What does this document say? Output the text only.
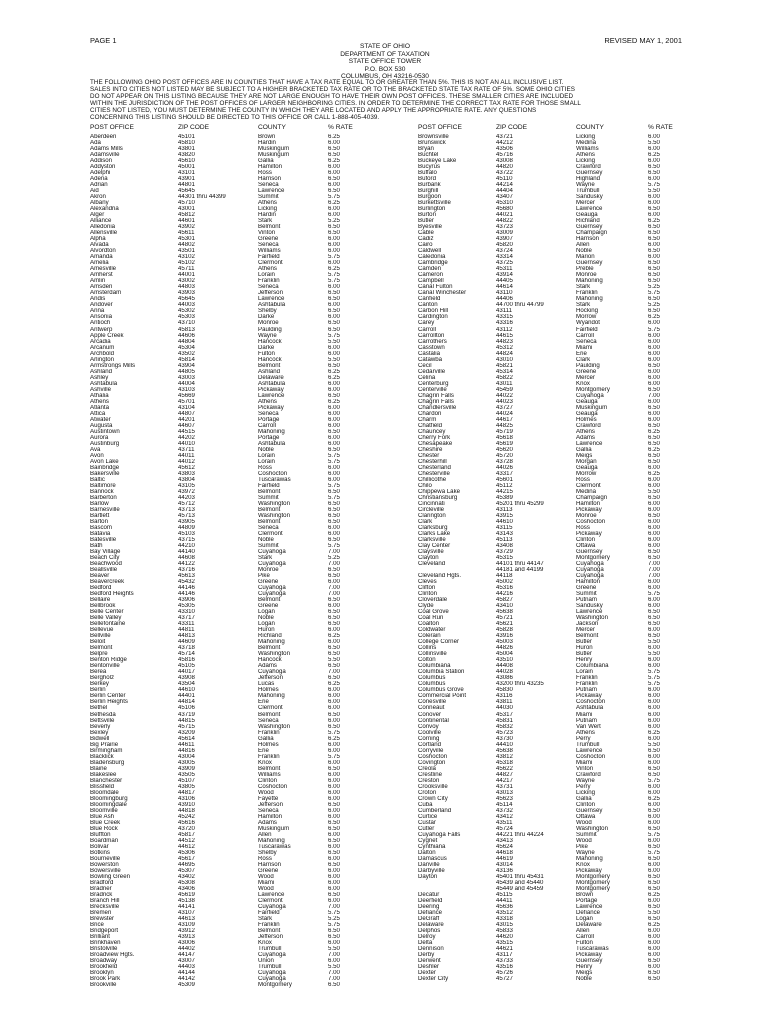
PAGE 1	REVISED MAY 1, 2001
STATE OF OHIO
DEPARTMENT OF TAXATION
STATE OFFICE TOWER
P.O. BOX 530
COLUMBUS, OH 43216-0530
THE FOLLOWING OHIO POST OFFICES ARE IN COUNTIES THAT HAVE A TAX RATE EQUAL TO OR GREATER THAN 5%. THIS IS NOT AN ALL INCLUSIVE LIST.
SALES INTO CITIES NOT LISTED MAY BE SUBJECT TO A HIGHER BRACKETED TAX RATE OR TO THE BRACKETED STATE TAX RATE OF 5%. SOME OHIO CITIES
DO NOT APPEAR ON THIS LISTING BECAUSE THEY ARE NOT LARGE ENOUGH TO HAVE THEIR OWN POST OFFICES. THESE SMALLER CITIES ARE INCLUDED
WITHIN THE JURISDICTION OF THE POST OFFICES OF LARGER NEIGHBORING CITIES. IN ORDER TO DETERMINE THE CORRECT TAX RATE FOR THOSE SMALL
CITIES NOT LISTED, YOU MUST DETERMINE THE COUNTY IN WHICH THEY ARE LOCATED AND APPLY THE APPROPRIATE RATE. ANY QUESTIONS
CONCERNING THIS LISTING SHOULD BE DIRECTED TO THIS OFFICE OR CALL 1-888-405-4039.
POST OFFICE	ZIP CODE	COUNTY	% RATE	POST OFFICE	ZIP CODE	COUNTY	% RATE
Aberdeen	45101	Brown	6.25
Ada	45810	Hardin	6.00
Adams Mills	43801	Muskingum	6.50
Adamsville	43820	Muskingum	6.50
Addison	45610	Gallia	6.25
Addyston	45001	Hamilton	6.00
Adelphi	43101	Ross	6.00
Adena	43901	Harrison	6.50
Adrian	44801	Seneca	6.00
Aid	45645	Lawrence	6.50
Akron	44301 thru 44399	Summit	5.75
Albany	45710	Athens	6.25
Alexandria	43001	Licking	6.00
Alger	45812	Hardin	6.00
Alliance	44601	Stark	5.25
Alledonia	43902	Belmont	6.50
Allensville	45611	Vinton	6.50
Alpha	45301	Greene	6.00
Alvada	44802	Seneca	6.00
Alvordton	43501	Williams	6.00
Amanda	43102	Fairfield	5.75
Amelia	45102	Clermont	6.00
Amesville	45711	Athens	6.25
Amherst	44001	Lorain	5.75
Amlin	43002	Franklin	5.75
Amsden	44803	Seneca	6.00
Amsterdam	43903	Jefferson	6.50
Andis	45645	Lawrence	6.50
Andover	44003	Ashtabula	6.00
Anna	45302	Shelby	6.50
Ansonia	45303	Darke	6.00
Antioch	43710	Monroe	6.50
Antwerp	45813	Paulding	6.50
Apple Creek	44606	Wayne	5.75
Arcadia	44804	Hancock	5.50
Arcanum	45304	Darke	6.00
Archbold	43502	Fulton	6.00
Arlington	45814	Hancock	5.50
Armstrongs Mills	43904	Belmont	6.50
Ashland	44805	Ashland	6.25
Ashley	43003	Delaware	6.25
Ashtabula	44004	Ashtabula	6.00
Ashville	43103	Pickaway	6.00
Athalia	45669	Lawrence	6.50
Athens	45701	Athens	6.25
Atlanta	43104	Pickaway	6.00
Attica	44807	Seneca	6.00
Atwater	44201	Portage	6.00
Augusta	44607	Carroll	6.00
Austintown	44515	Mahoning	6.50
Aurora	44202	Portage	6.00
Austinburg	44010	Ashtabula	6.00
Ava	43711	Noble	6.50
Avon	44011	Lorain	5.75
Avon Lake	44012	Lorain	5.75
Bainbridge	45612	Ross	6.00
Bakersville	43803	Coshocton	6.00
Baltic	43804	Tuscarawas	6.00
Baltimore	43105	Fairfield	5.75
Bannock	43972	Belmont	6.50
Barberton	44203	Summit	5.75
Barlow	45712	Washington	6.50
Barnesville	43713	Belmont	6.50
Bartlett	45713	Washington	6.50
Barton	43905	Belmont	6.50
Bascom	44809	Seneca	6.00
Batavia	45103	Clermont	6.00
Batesville	43715	Noble	6.50
Bath	44210	Summit	5.75
Bay Village	44140	Cuyahoga	7.00
Beach City	44608	Stark	5.25
Beachwood	44122	Cuyahoga	7.00
Beallsville	43716	Monroe	6.50
Beaver	45613	Pike	6.50
Beavercreek	45432	Greene	6.00
Bedford	44146	Cuyahoga	7.00
Bedford Heights	44146	Cuyahoga	7.00
Bellaire	43906	Belmont	6.50
Bellbrook	45305	Greene	6.00
Belle Center	43310	Logan	6.50
Belle Valley	43717	Noble	6.50
Bellefontaine	43311	Logan	6.50
Bellevue	44811	Huron	6.00
Bellville	44813	Richland	6.25
Beloit	44609	Mahoning	6.00
Belmont	43718	Belmont	6.50
Belpre	45714	Washington	6.50
Benton Ridge	45816	Hancock	5.50
Bentonville	45105	Adams	6.50
Berea	44017	Cuyahoga	7.00
Bergholz	43908	Jefferson	6.50
Berkey	43504	Lucas	6.25
Berlin	44610	Holmes	6.00
Berlin Center	44401	Mahoning	6.00
Berlin Heights	44814	Erie	6.00
Bethel	45106	Clermont	6.00
Bethesda	43719	Belmont	6.50
Bettsville	44815	Seneca	6.00
Beverly	45715	Washington	6.50
Bexley	43209	Franklin	5.75
Bidwell	45614	Gallia	6.25
Big Prairie	44611	Holmes	6.00
Birmingham	44816	Erie	6.00
Blacklick	43004	Franklin	5.75
Bladensburg	43005	Knox	6.00
Blaine	43909	Belmont	6.50
Blakeslee	43505	Williams	6.00
Blanchester	45107	Clinton	6.00
Blissfield	43805	Coshocton	6.00
Bloomdale	44817	Wood	6.00
Bloomingburg	43106	Fayette	6.00
Bloomingdale	43910	Jefferson	6.50
Bloomville	44818	Seneca	6.00
Blue Ash	45242	Hamilton	6.00
Blue Creek	45616	Adams	6.50
Blue Rock	43720	Muskingum	6.50
Bluffton	45817	Allen	6.00
Boardman	44512	Mahoning	6.50
Bolivar	44612	Tuscarawas	6.00
Botkins	45306	Shelby	6.50
Bourneville	45617	Ross	6.00
Bowerston	44695	Harrison	6.50
Bowersville	45307	Greene	6.00
Bowling Green	43402	Wood	6.00
Bradford	45308	Miami	6.00
Bradner	43406	Wood	6.00
Bradrick	45619	Lawrence	6.50
Branch Hill	45138	Clermont	6.00
Brecksville	44141	Cuyahoga	7.00
Bremen	43107	Fairfield	5.75
Brewster	44613	Stark	5.25
Brice	43109	Franklin	5.75
Bridgeport	43912	Belmont	6.50
Brilliant	43913	Jefferson	6.50
Brinkhaven	43006	Knox	6.00
Bristolville	44402	Trumbull	5.50
Broadview Hgts.	44147	Cuyahoga	7.00
Broadway	43007	Union	6.00
Brookfield	44403	Trumbull	5.50
Brooklyn	44144	Cuyahoga	7.00
Brook Park	44142	Cuyahoga	7.00
Brookville	45309	Montgomery	6.50
Brownsville	43721	Licking	6.00
Brunswick	44212	Medina	5.50
Bryan	43506	Williams	6.00
Buchtel	45716	Athens	6.25
Buckeye Lake	43008	Licking	6.00
Bucyrus	44820	Crawford	6.50
Buffalo	43722	Guernsey	6.50
Buford	45110	Highland	6.00
Burbank	44214	Wayne	5.75
Burghill	44404	Trumbull	5.50
Burgoon	43407	Sandusky	6.00
Burkettsville	45310	Mercer	6.00
Burlington	45680	Lawrence	6.50
Burton	44021	Geauga	6.00
Butler	44822	Richland	6.25
Byesville	43723	Guernsey	6.50
Cable	43009	Champaign	6.50
Cadiz	43907	Harrison	6.50
Cairo	45820	Allen	6.00
Caldwell	43724	Noble	6.50
Caledonia	43314	Marion	6.00
Cambridge	43725	Guernsey	6.50
Camden	45311	Preble	6.50
Cameron	43914	Monroe	6.50
Campbell	44405	Mahoning	6.50
Canal Fulton	44614	Stark	5.25
Canal Winchester	43110	Franklin	5.75
Canfield	44406	Mahoning	6.50
Canton	44700 thru 44799	Stark	5.25
Carbon Hill	43111	Hocking	6.50
Cardington	43315	Morrow	6.25
Carey	43316	Wyandot	6.00
Carroll	43112	Fairfield	5.75
Carrollton	44615	Carroll	6.00
Carrothers	44823	Seneca	6.00
Casstown	45312	Miami	6.00
Castalia	44824	Erie	6.00
Catawba	43010	Clark	6.00
Cecil	45821	Paulding	6.50
Cedarville	45314	Greene	6.00
Celina	45822	Mercer	6.00
Centerburg	43011	Knox	6.00
Centerville	45459	Montgomery	6.50
Chagrin Falls	44022	Cuyahoga	7.00
Chagrin Falls	44023	Geauga	6.00
Chandlersville	43727	Muskingum	6.50
Chardon	44024	Geauga	6.00
Charm	44617	Holmes	6.00
Chatfield	44825	Crawford	6.50
Chauncey	45719	Athens	6.25
Cherry Fork	45618	Adams	6.50
Chesapeake	45619	Lawrence	6.50
Cheshire	45620	Gallia	6.25
Chester	45720	Meigs	6.50
Chesterhill	43728	Morgan	6.50
Chesterland	44026	Geauga	6.00
Chesterville	43317	Morrow	6.25
Chillicothe	45601	Ross	6.00
Chilo	45112	Clermont	6.00
Chippewa Lake	44215	Medina	5.50
Christiansburg	45389	Champaign	6.50
Cincinnati	45201 thru 45299	Hamilton	6.00
Circleville	43113	Pickaway	6.00
Clarington	43915	Monroe	6.50
Clark	44610	Coshocton	6.00
Clarksburg	43115	Ross	6.00
Clarks Lake	43143	Pickaway	6.00
Clarksville	45113	Clinton	6.00
Clay Center	43408	Ottawa	6.00
Claysville	43729	Guernsey	6.50
Clayton	45315	Montgomery	6.50
Cleveland	44101 thru 44147	Cuyahoga	7.00
44181 and 44199	Cuyahoga	7.00
Cleveland Hgts.	44118	Cuyahoga	7.00
Cleves	45002	Hamilton	6.00
Clifton	45316	Greene	6.00
Clinton	44216	Summit	5.75
Cloverdale	45827	Putnam	6.00
Clyde	43410	Sandusky	6.00
Coal Grove	45638	Lawrence	6.50
Coal Run	45721	Washington	6.50
Coalton	45621	Jackson	6.50
Coldwater	45828	Mercer	6.00
Colerain	43916	Belmont	6.50
College Corner	45003	Butler	5.50
Collins	44826	Huron	6.00
Collinsville	45004	Butler	5.50
Colton	43510	Henry	6.00
Columbiana	44408	Columbiana	6.00
Columbia Station	44028	Lorain	5.75
Columbus	43086	Franklin	5.75
Columbus	43200 thru 43235	Franklin	5.75
Columbus Grove	45830	Putnam	6.00
Commercial Point	43116	Pickaway	6.00
Conesville	43811	Coshocton	6.00
Conneaut	44030	Ashtabula	6.00
Conover	45317	Miami	6.00
Continental	45831	Putnam	6.00
Convoy	45832	Van Wert	6.00
Coolville	45723	Athens	6.25
Corning	43730	Perry	6.00
Cortland	44410	Trumbull	5.50
Corryville	45638	Lawrence	6.50
Coshocton	43812	Coshocton	6.00
Covington	45318	Miami	6.00
Creola	45622	Vinton	6.50
Crestline	44827	Crawford	6.50
Creston	44217	Wayne	5.75
Crooksville	43731	Perry	6.00
Croton	43013	Licking	6.00
Crown City	45623	Gallia	6.25
Cuba	45114	Clinton	6.00
Cumberland	43732	Guernsey	6.50
Curtice	43412	Ottawa	6.00
Custar	43511	Wood	6.00
Cutler	45724	Washington	6.50
Cuyahoga Falls	44221 thru 44224	Summit	5.75
Cygnet	43413	Wood	6.00
Cynthiana	45624	Pike	6.50
Dalton	44618	Wayne	5.75
Damascus	44619	Mahoning	6.50
Danville	43014	Knox	6.00
Darbyville	43136	Pickaway	6.00
Dayton	45401 thru 45431	Montgomery	6.50
45439 and 45440	Montgomery	6.50
45449 and 45459	Montgomery	6.50
Decatur	45115	Brown	6.25
Deerfield	44411	Portage	6.00
Deering	45636	Lawrence	6.50
Defiance	43512	Defiance	5.50
DeGraff	43318	Logan	6.50
Delaware	43015	Delaware	6.25
Delphos	45833	Allen	6.00
Delroy	44620	Carroll	6.00
Delta	43515	Fulton	6.00
Dennison	44621	Tuscarawas	6.00
Derby	43117	Pickaway	6.00
Derwent	43733	Guernsey	6.50
Deshler	43516	Henry	6.00
Dexter	45726	Meigs	6.50
Dexter City	45727	Noble	6.50
